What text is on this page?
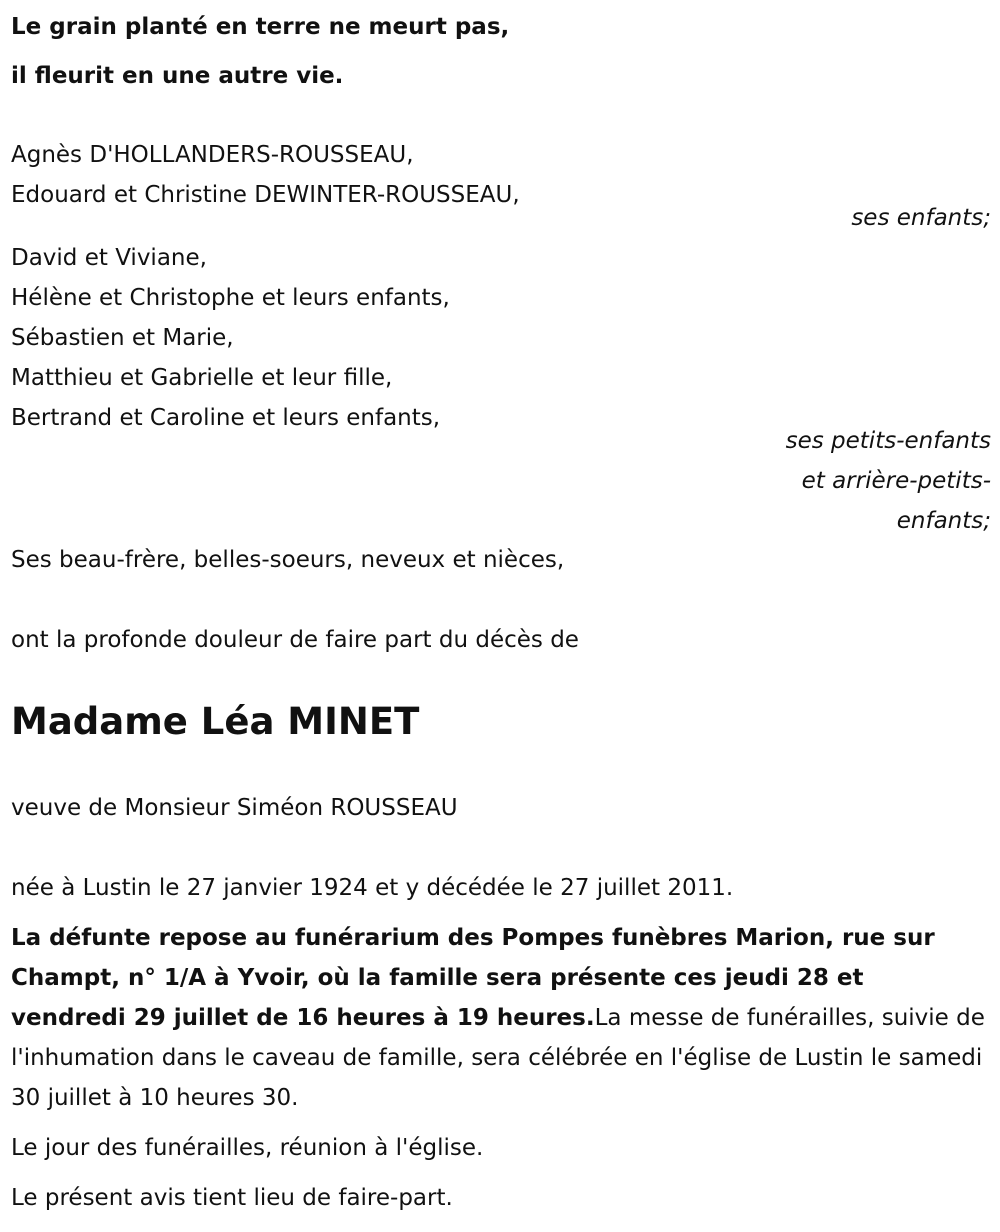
Le grain planté en terre ne meurt pas,
il fleurit en une autre vie.
Agnès D'HOLLANDERS-ROUSSEAU,
Edouard et Christine DEWINTER-ROUSSEAU,
ses enfants;
David et Viviane,
Hélène et Christophe et leurs enfants,
Sébastien et Marie,
Matthieu et Gabrielle et leur fille,
Bertrand et Caroline et leurs enfants,
ses petits-enfants
et arrière-petits-
enfants;
Ses beau-frère, belles-soeurs, neveux et nièces,
ont la profonde douleur de faire part du décès de
Madame Léa MINET
veuve de Monsieur Siméon ROUSSEAU
née à Lustin le 27 janvier 1924 et y décédée le 27 juillet 2011.
La défunte repose au funérarium des Pompes funèbres Marion, rue sur Champt, n° 1/A à Yvoir, où la famille sera présente ces jeudi 28 et vendredi 29 juillet de 16 heures à 19 heures.La messe de funérailles, suivie de l'inhumation dans le caveau de famille, sera célébrée en l'église de Lustin le samedi 30 juillet à 10 heures 30.
Le jour des funérailles, réunion à l'église.
Le présent avis tient lieu de faire-part.
